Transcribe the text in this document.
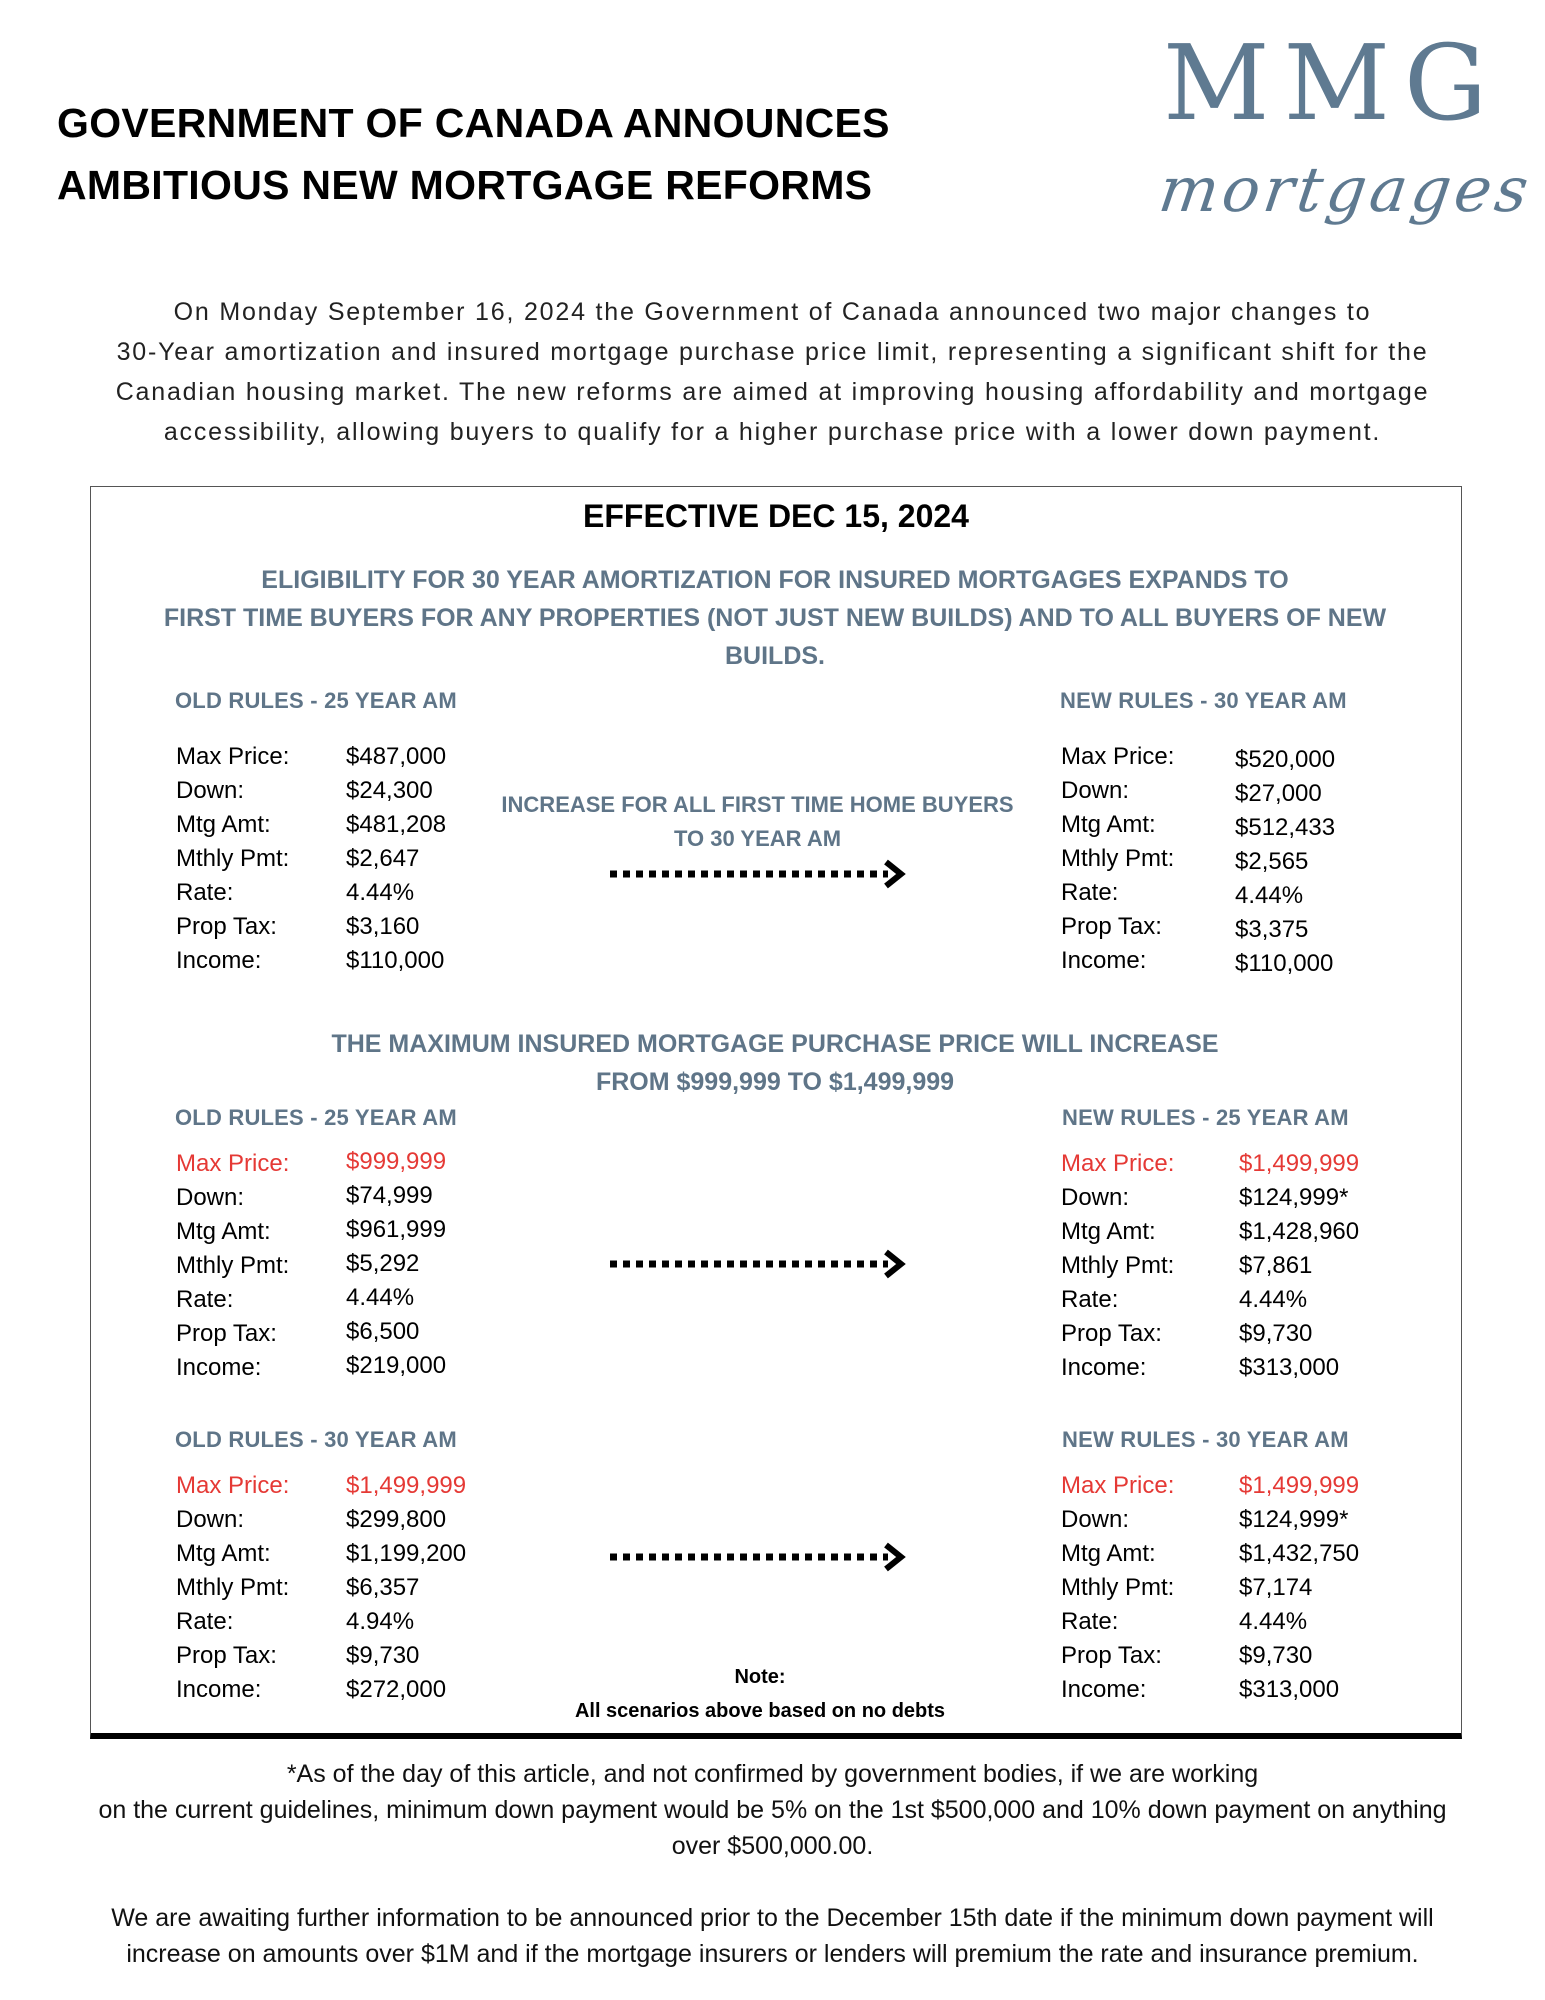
GOVERNMENT OF CANADA ANNOUNCES
AMBITIOUS NEW MORTGAGE REFORMS
MMG
mortgages
On Monday September 16, 2024 the Government of Canada announced two major changes to
30-Year amortization and insured mortgage purchase price limit, representing a significant shift for the
Canadian housing market. The new reforms are aimed at improving housing affordability and mortgage
accessibility, allowing buyers to qualify for a higher purchase price with a lower down payment.
EFFECTIVE DEC 15, 2024
ELIGIBILITY FOR 30 YEAR AMORTIZATION FOR INSURED MORTGAGES EXPANDS TO
FIRST TIME BUYERS FOR ANY PROPERTIES (NOT JUST NEW BUILDS) AND TO ALL BUYERS OF NEW
BUILDS.
OLD RULES - 25 YEAR AM	NEW RULES - 30 YEAR AM
INCREASE FOR ALL FIRST TIME HOME BUYERS
TO 30 YEAR AM
Max Price: $487,000
Down:	$24,300
Mtg Amt:	$481,208
Mthly Pmt: $2,647
Rate:	4.44%
Prop Tax:	$3,160
Income:	$110,000
Max Price:	$520,000
Down:	$27,000
Mtg Amt:	$512,433
Mthly Pmt:	$2,565
Rate:	4.44%
Prop Tax:	$3,375
Income:	$110,000
THE MAXIMUM INSURED MORTGAGE PURCHASE PRICE WILL INCREASE
FROM $999,999 TO $1,499,999
OLD RULES - 25 YEAR AM	NEW RULES - 25 YEAR AM
Max Price: $999,999
Down:	$74,999
Mtg Amt:	$961,999
Mthly Pmt: $5,292
Rate:	4.44%
Prop Tax:	$6,500
Income:	$219,000
Max Price:	$1,499,999
Down:	$124,999*
Mtg Amt:	$1,428,960
Mthly Pmt:	$7,861
Rate:	4.44%
Prop Tax:	$9,730
Income:	$313,000
OLD RULES - 30 YEAR AM	NEW RULES - 30 YEAR AM
Max Price: $1,499,999
Down:	$299,800
Mtg Amt:	$1,199,200
Mthly Pmt: $6,357
Rate:	4.94%
Prop Tax:	$9,730
Income:	$272,000
Max Price:	$1,499,999
Down:	$124,999*
Mtg Amt:	$1,432,750
Mthly Pmt:	$7,174
Rate:	4.44%
Prop Tax:	$9,730
Income:	$313,000
Note:
All scenarios above based on no debts
*As of the day of this article, and not confirmed by government bodies, if we are working
on the current guidelines, minimum down payment would be 5% on the 1st $500,000 and 10% down payment on anything
over $500,000.00.
We are awaiting further information to be announced prior to the December 15th date if the minimum down payment will
increase on amounts over $1M and if the mortgage insurers or lenders will premium the rate and insurance premium.
